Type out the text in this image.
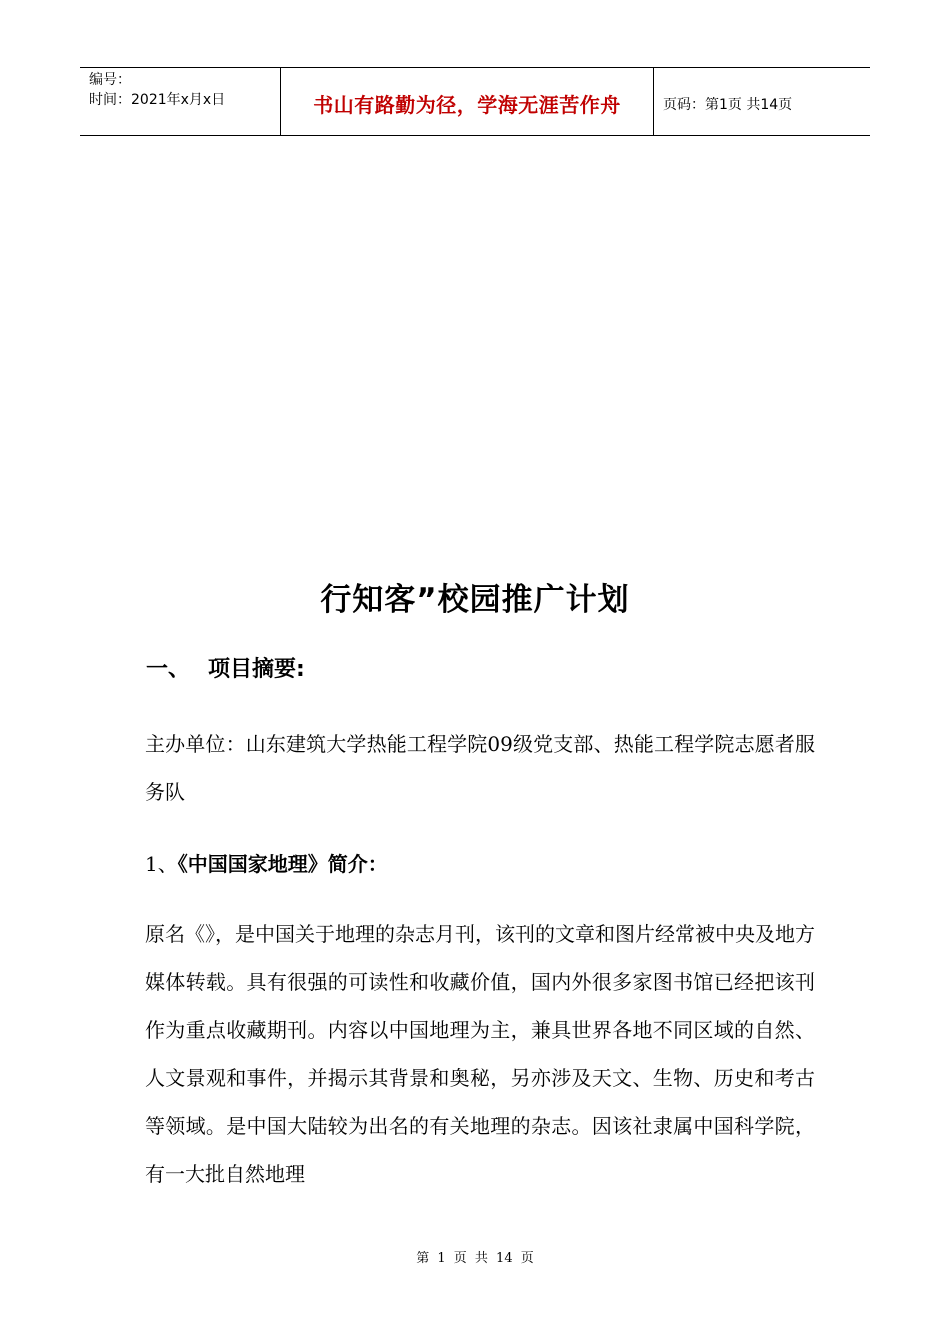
编号：
时间：2021年x月x日	书山有路勤为径，学海无涯苦作舟	页码：第1页 共14页
行知客”校园推广计划
一、 项目摘要:
主办单位：山东建筑大学热能工程学院09级党支部、热能工程学院志愿者服务队
1、《中国国家地理》简介：
原名《》，是中国关于地理的杂志月刊，该刊的文章和图片经常被中央及地方媒体转载。具有很强的可读性和收藏价值，国内外很多家图书馆已经把该刊作为重点收藏期刊。内容以中国地理为主，兼具世界各地不同区域的自然、人文景观和事件，并揭示其背景和奥秘，另亦涉及天文、生物、历史和考古等领域。是中国大陆较为出名的有关地理的杂志。因该社隶属中国科学院，有一大批自然地理
第 1 页 共 14 页
